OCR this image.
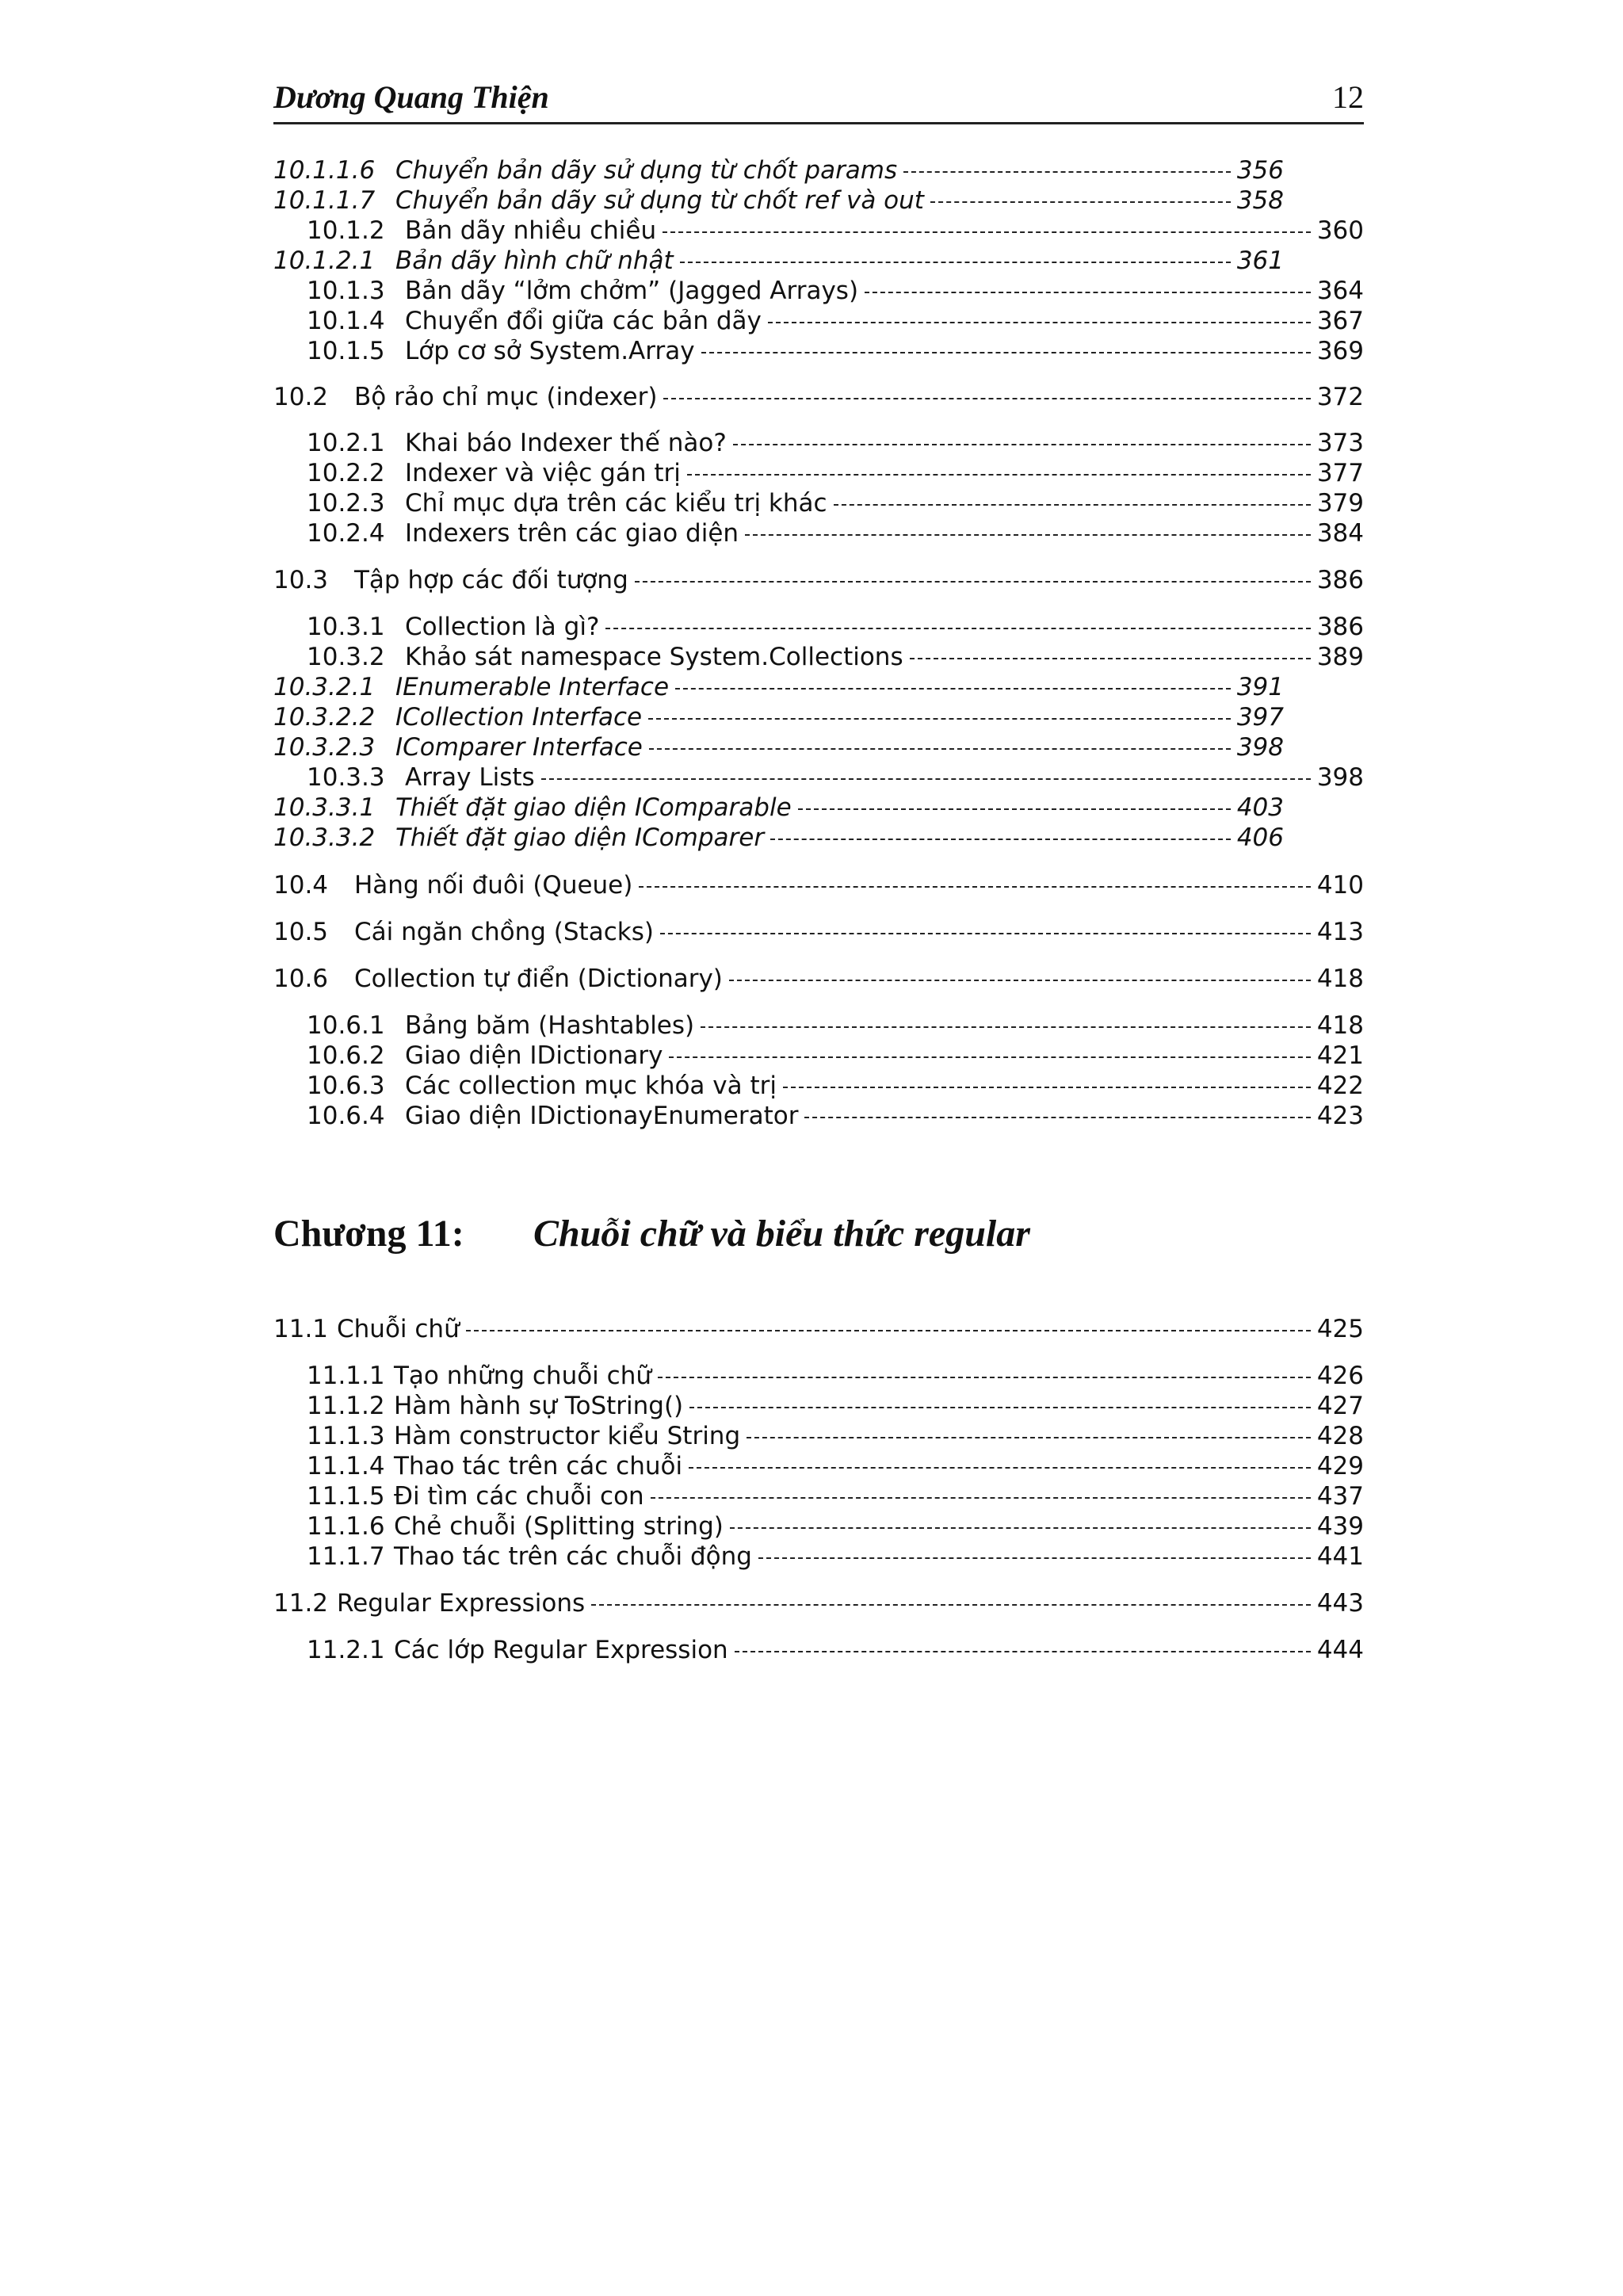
Dương Quang Thiện	12
10.1.1.6 Chuyển bản dãy sử dụng từ chốt params	356
10.1.1.7 Chuyển bản dãy sử dụng từ chốt ref và out	358
10.1.2 Bản dãy nhiều chiều	360
10.1.2.1 Bản dãy hình chữ nhật	361
10.1.3 Bản dãy “lởm chởm” (Jagged Arrays)	364
10.1.4 Chuyển đổi giữa các bản dãy	367
10.1.5 Lớp cơ sở System.Array	369
10.2	Bộ rảo chỉ mục (indexer)	372
10.2.1 Khai báo Indexer thế nào?	373
10.2.2 Indexer và việc gán trị	377
10.2.3 Chỉ mục dựa trên các kiểu trị khác	379
10.2.4 Indexers trên các giao diện	384
10.3	Tập hợp các đối tượng	386
10.3.1 Collection là gì?	386
10.3.2 Khảo sát namespace System.Collections	389
10.3.2.1 IEnumerable Interface	391
10.3.2.2 ICollection Interface	397
10.3.2.3 IComparer Interface	398
10.3.3 Array Lists	398
10.3.3.1 Thiết đặt giao diện IComparable	403
10.3.3.2 Thiết đặt giao diện IComparer	406
10.4	Hàng nối đuôi (Queue)	410
10.5	Cái ngăn chồng (Stacks)	413
10.6	Collection tự điển (Dictionary)	418
10.6.1 Bảng băm (Hashtables)	418
10.6.2 Giao diện IDictionary	421
10.6.3 Các collection mục khóa và trị	422
10.6.4 Giao diện IDictionayEnumerator	423
11.1 Chuỗi chữ	425
11.1.1 Tạo những chuỗi chữ	426
11.1.2 Hàm hành sự ToString()	427
11.1.3 Hàm constructor kiểu String	428
11.1.4 Thao tác trên các chuỗi	429
11.1.5 Đi tìm các chuỗi con	437
11.1.6 Chẻ chuỗi (Splitting string)	439
11.1.7 Thao tác trên các chuỗi động	441
11.2 Regular Expressions	443
11.2.1 Các lớp Regular Expression	444
Chương 11: Chuỗi chữ và biểu thức regular
